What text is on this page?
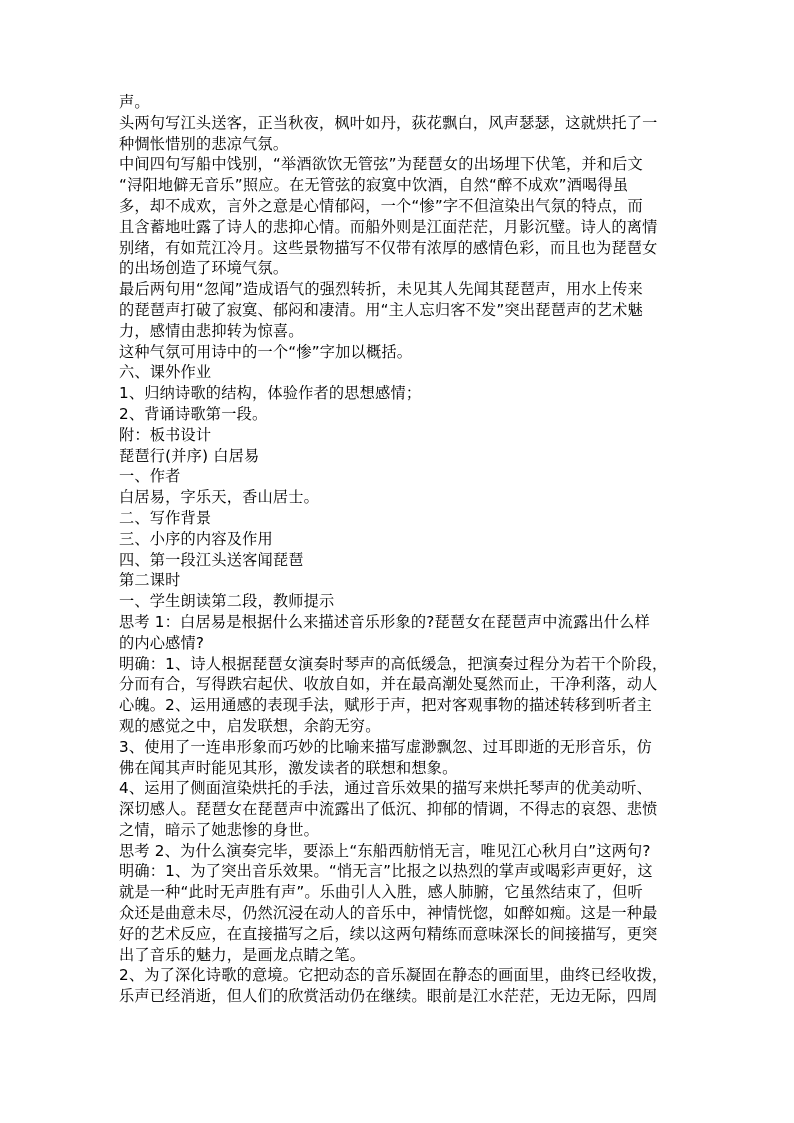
声。
头两句写江头送客，正当秋夜，枫叶如丹，荻花飘白，风声瑟瑟，这就烘托了一
种惆怅惜别的悲凉气氛。
中间四句写船中饯别，“举酒欲饮无管弦”为琵琶女的出场埋下伏笔，并和后文
“浔阳地僻无音乐”照应。在无管弦的寂寞中饮酒，自然“醉不成欢”酒喝得虽
多，却不成欢，言外之意是心情郁闷，一个“惨”字不但渲染出气氛的特点，而
且含蓄地吐露了诗人的悲抑心情。而船外则是江面茫茫，月影沉璧。诗人的离情
别绪，有如荒江冷月。这些景物描写不仅带有浓厚的感情色彩，而且也为琵琶女
的出场创造了环境气氛。
最后两句用“忽闻”造成语气的强烈转折，未见其人先闻其琵琶声，用水上传来
的琵琶声打破了寂寞、郁闷和凄清。用“主人忘归客不发”突出琵琶声的艺术魅
力，感情由悲抑转为惊喜。
这种气氛可用诗中的一个“惨”字加以概括。
六、课外作业
1、归纳诗歌的结构，体验作者的思想感情；
2、背诵诗歌第一段。
附：板书设计
琵琶行(并序) 白居易
一、作者
白居易，字乐天，香山居士。
二、写作背景
三、小序的内容及作用
四、第一段江头送客闻琵琶
第二课时
一、学生朗读第二段，教师提示
思考 1：白居易是根据什么来描述音乐形象的?琵琶女在琵琶声中流露出什么样
的内心感情?
明确：1、诗人根据琵琶女演奏时琴声的高低缓急，把演奏过程分为若干个阶段，
分而有合，写得跌宕起伏、收放自如，并在最高潮处戛然而止，干净利落，动人
心魄。2、运用通感的表现手法，赋形于声，把对客观事物的描述转移到听者主
观的感觉之中，启发联想，余韵无穷。
3、使用了一连串形象而巧妙的比喻来描写虚渺飘忽、过耳即逝的无形音乐，仿
佛在闻其声时能见其形，激发读者的联想和想象。
4、运用了侧面渲染烘托的手法，通过音乐效果的描写来烘托琴声的优美动听、
深切感人。琵琶女在琵琶声中流露出了低沉、抑郁的情调，不得志的哀怨、悲愤
之情，暗示了她悲惨的身世。
思考 2、为什么演奏完毕，要添上“东船西舫悄无言，唯见江心秋月白”这两句?
明确：1、为了突出音乐效果。“悄无言”比报之以热烈的掌声或喝彩声更好，这
就是一种“此时无声胜有声”。乐曲引人入胜，感人肺腑，它虽然结束了，但听
众还是曲意未尽，仍然沉浸在动人的音乐中，神情恍惚，如醉如痴。这是一种最
好的艺术反应，在直接描写之后，续以这两句精练而意味深长的间接描写，更突
出了音乐的魅力，是画龙点睛之笔。
2、为了深化诗歌的意境。它把动态的音乐凝固在静态的画面里，曲终已经收拨，
乐声已经消逝，但人们的欣赏活动仍在继续。眼前是江水茫茫，无边无际，四周
